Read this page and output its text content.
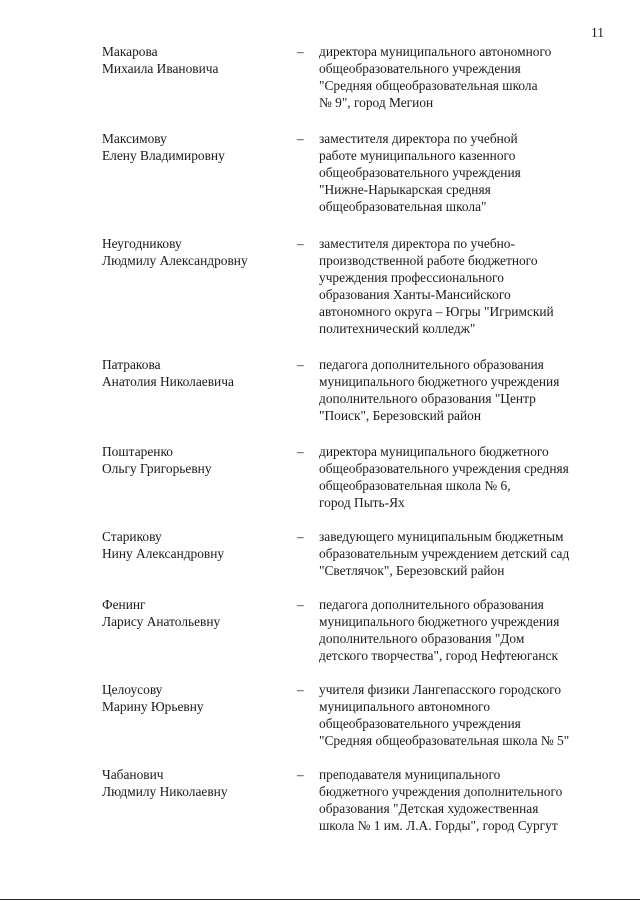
11
Макарова
Михаила Ивановича
– директора муниципального автономного
общеобразовательного учреждения
"Средняя общеобразовательная школа
№ 9", город Мегион
Максимову
Елену Владимировну
– заместителя директора по учебной
работе муниципального казенного
общеобразовательного учреждения
"Нижне-Нарыкарская средняя
общеобразовательная школа"
Неугодникову
Людмилу Александровну
– заместителя директора по учебно-
производственной работе бюджетного
учреждения профессионального
образования Ханты-Мансийского
автономного округа – Югры "Игримский
политехнический колледж"
Патракова
Анатолия Николаевича
– педагога дополнительного образования
муниципального бюджетного учреждения
дополнительного образования "Центр
"Поиск", Березовский район
Поштаренко
Ольгу Григорьевну
– директора муниципального бюджетного
общеобразовательного учреждения средняя
общеобразовательная школа № 6,
город Пыть-Ях
Старикову
Нину Александровну
– заведующего муниципальным бюджетным
образовательным учреждением детский сад
"Светлячок", Березовский район
Фенинг
Ларису Анатольевну
– педагога дополнительного образования
муниципального бюджетного учреждения
дополнительного образования "Дом
детского творчества", город Нефтеюганск
Целоусову
Марину Юрьевну
– учителя физики Лангепасского городского
муниципального автономного
общеобразовательного учреждения
"Средняя общеобразовательная школа № 5"
Чабанович
Людмилу Николаевну
– преподавателя муниципального
бюджетного учреждения дополнительного
образования "Детская художественная
школа № 1 им. Л.А. Горды", город Сургут
